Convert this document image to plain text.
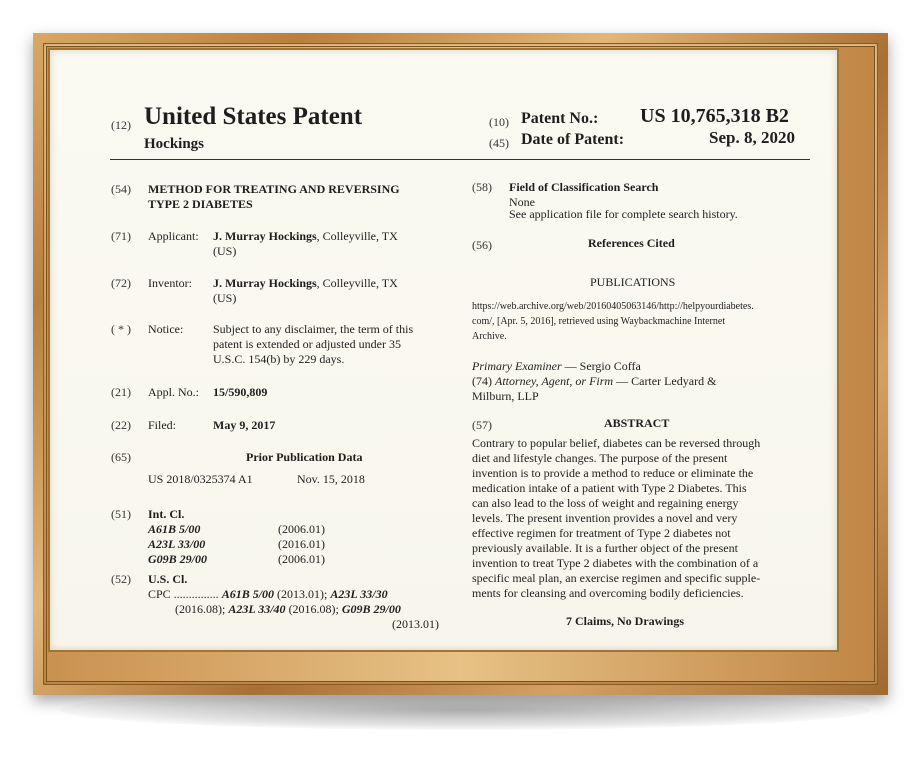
(12) United States Patent
Hockings
(10) Patent No.: US 10,765,318 B2
(45) Date of Patent:	Sep. 8, 2020
(54) METHOD FOR TREATING AND REVERSING
TYPE 2 DIABETES
(71) Applicant: J. Murray Hockings, Colleyville, TX
(US)
(72) Inventor: J. Murray Hockings, Colleyville, TX
(US)
( * ) Notice: Subject to any disclaimer, the term of this
patent is extended or adjusted under 35
U.S.C. 154(b) by 229 days.
(21) Appl. No.: 15/590,809
(22) Filed:	May 9, 2017
(65)	Prior Publication Data
US 2018/0325374 A1	Nov. 15, 2018
(51) Int. Cl.
A61B 5/00	(2006.01)
A23L 33/00	(2016.01)
G09B 29/00	(2006.01)
(52) U.S. Cl.
CPC ............... A61B 5/00 (2013.01); A23L 33/30
(2016.08); A23L 33/40 (2016.08); G09B 29/00
(2013.01)
(58) Field of Classification Search
None
See application file for complete search history.
(56)	References Cited
PUBLICATIONS
https://web.archive.org/web/20160405063146/http://helpyourdiabetes.
com/, [Apr. 5, 2016], retrieved using Waybackmachine Internet
Archive.
Primary Examiner — Sergio Coffa
(74) Attorney, Agent, or Firm — Carter Ledyard &
Milburn, LLP
(57)	ABSTRACT
Contrary to popular belief, diabetes can be reversed through
diet and lifestyle changes. The purpose of the present
invention is to provide a method to reduce or eliminate the
medication intake of a patient with Type 2 Diabetes. This
can also lead to the loss of weight and regaining energy
levels. The present invention provides a novel and very
effective regimen for treatment of Type 2 diabetes not
previously available. It is a further object of the present
invention to treat Type 2 diabetes with the combination of a
specific meal plan, an exercise regimen and specific supple-
ments for cleansing and overcoming bodily deficiencies.
7 Claims, No Drawings
